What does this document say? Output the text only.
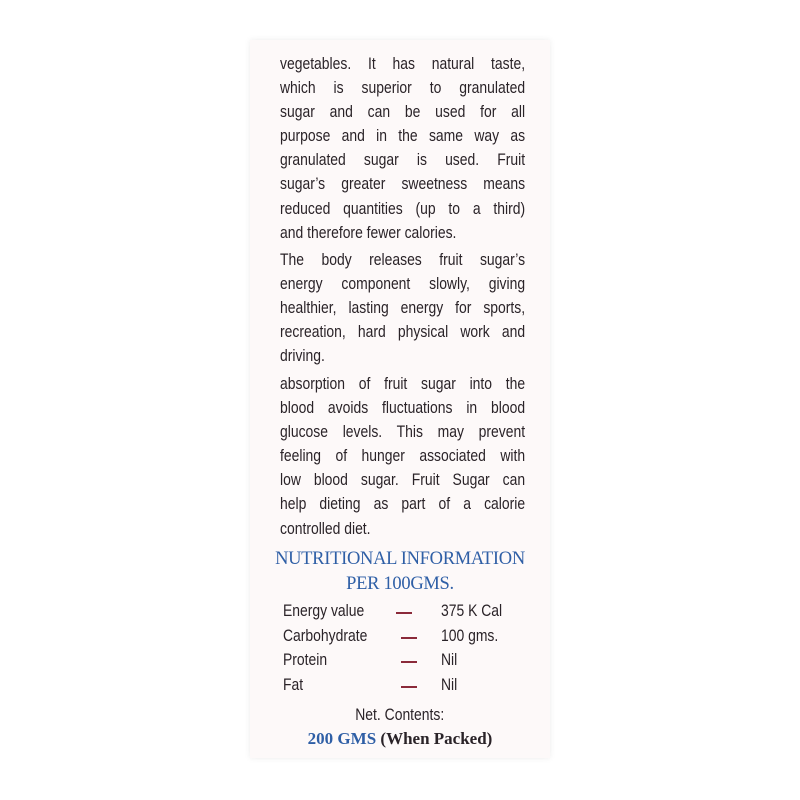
vegetables. It has natural taste,
which is superior to granulated
sugar and can be used for all
purpose and in the same way as
granulated sugar is used. Fruit
sugar’s greater sweetness means
reduced quantities (up to a third)
and therefore fewer calories.
The body releases fruit sugar’s
energy component slowly, giving
healthier, lasting energy for sports,
recreation, hard physical work and
driving.
absorption of fruit sugar into the
blood avoids fluctuations in blood
glucose levels. This may prevent
feeling of hunger associated with
low blood sugar. Fruit Sugar can
help dieting as part of a calorie
controlled diet.
NUTRITIONAL INFORMATION
PER 100GMS.
Energy value	375 K Cal
Carbohydrate	100 gms.
Protein	Nil
Fat	Nil
Net. Contents:
200 GMS (When Packed)
